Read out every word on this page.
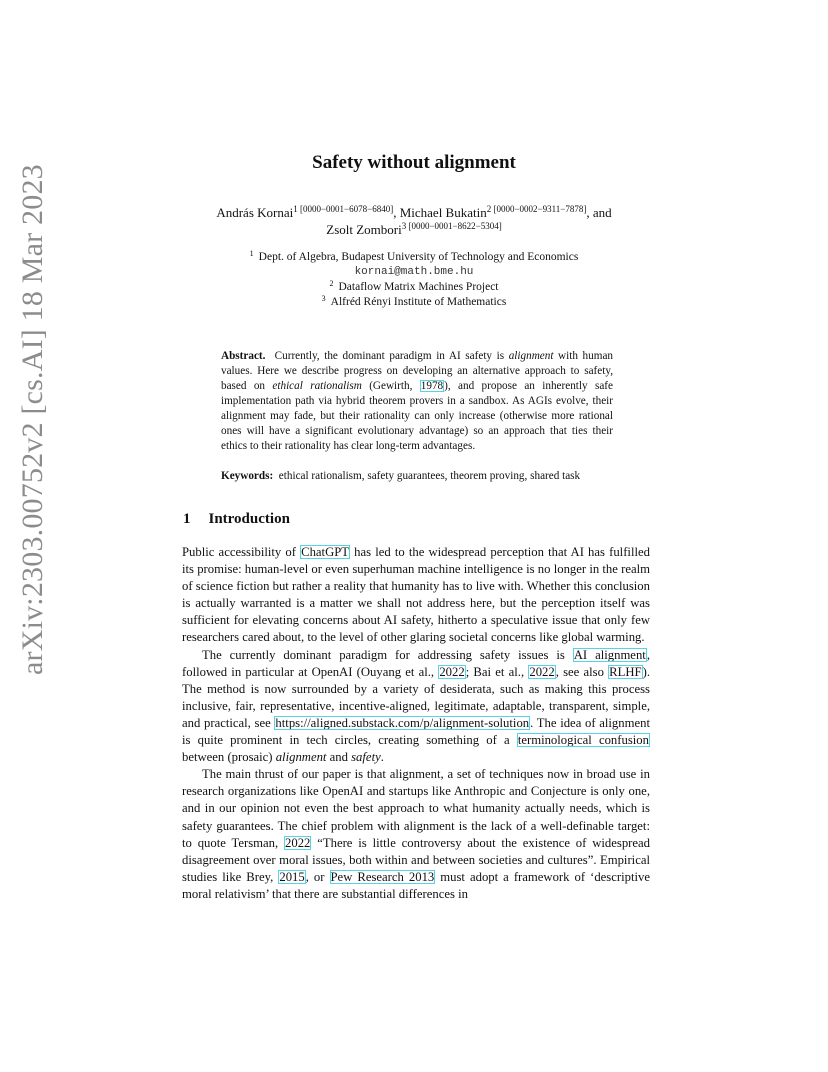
arXiv:2303.00752v2 [cs.AI] 18 Mar 2023
Safety without alignment
András Kornai$^{1 [0000-0001-6078-6840]}$, Michael Bukatin$^{2 [0000-0002-9311-7878]}$, and
Zsolt Zombori$^{3 [0000-0001-8622-5304]}$
$^1$ Dept. of Algebra, Budapest University of Technology and Economics
kornai@math.bme.hu
$^2$ Dataflow Matrix Machines Project
$^3$ Alfréd Rényi Institute of Mathematics
Abstract. Currently, the dominant paradigm in AI safety is alignment with human values. Here we describe progress on developing an alternative approach to safety, based on ethical rationalism (Gewirth, 1978), and propose an inherently safe implementation path via hybrid theorem provers in a sandbox. As AGIs evolve, their alignment may fade, but their rationality can only increase (otherwise more rational ones will have a significant evolutionary advantage) so an approach that ties their ethics to their rationality has clear long-term advantages.
Keywords: ethical rationalism, safety guarantees, theorem proving, shared task
1 Introduction

Public accessibility of ChatGPT has led to the widespread perception that AI has fulfilled its promise: human-level or even superhuman machine intelligence is no longer in the realm of science fiction but rather a reality that humanity has to live with. Whether this conclusion is actually warranted is a matter we shall not address here, but the perception itself was sufficient for elevating concerns about AI safety, hitherto a speculative issue that only few researchers cared about, to the level of other glaring societal concerns like global warming.

The currently dominant paradigm for addressing safety issues is AI alignment, followed in particular at OpenAI (Ouyang et al., 2022; Bai et al., 2022, see also RLHF). The method is now surrounded by a variety of desiderata, such as making this process inclusive, fair, representative, incentive-aligned, legitimate, adaptable, transparent, simple, and practical, see https://aligned.substack.com/p/alignment-solution. The idea of alignment is quite prominent in tech circles, creating something of a terminological confusion between (prosaic) alignment and safety.

The main thrust of our paper is that alignment, a set of techniques now in broad use in research organizations like OpenAI and startups like Anthropic and Conjecture is only one, and in our opinion not even the best approach to what humanity actually needs, which is safety guarantees. The chief problem with alignment is the lack of a well-definable target: to quote Tersman, 2022 “There is little controversy about the existence of widespread disagreement over moral issues, both within and between societies and cultures”. Empirical studies like Brey, 2015, or Pew Research 2013 must adopt a framework of ‘descriptive moral relativism’ that there are substantial differences in
